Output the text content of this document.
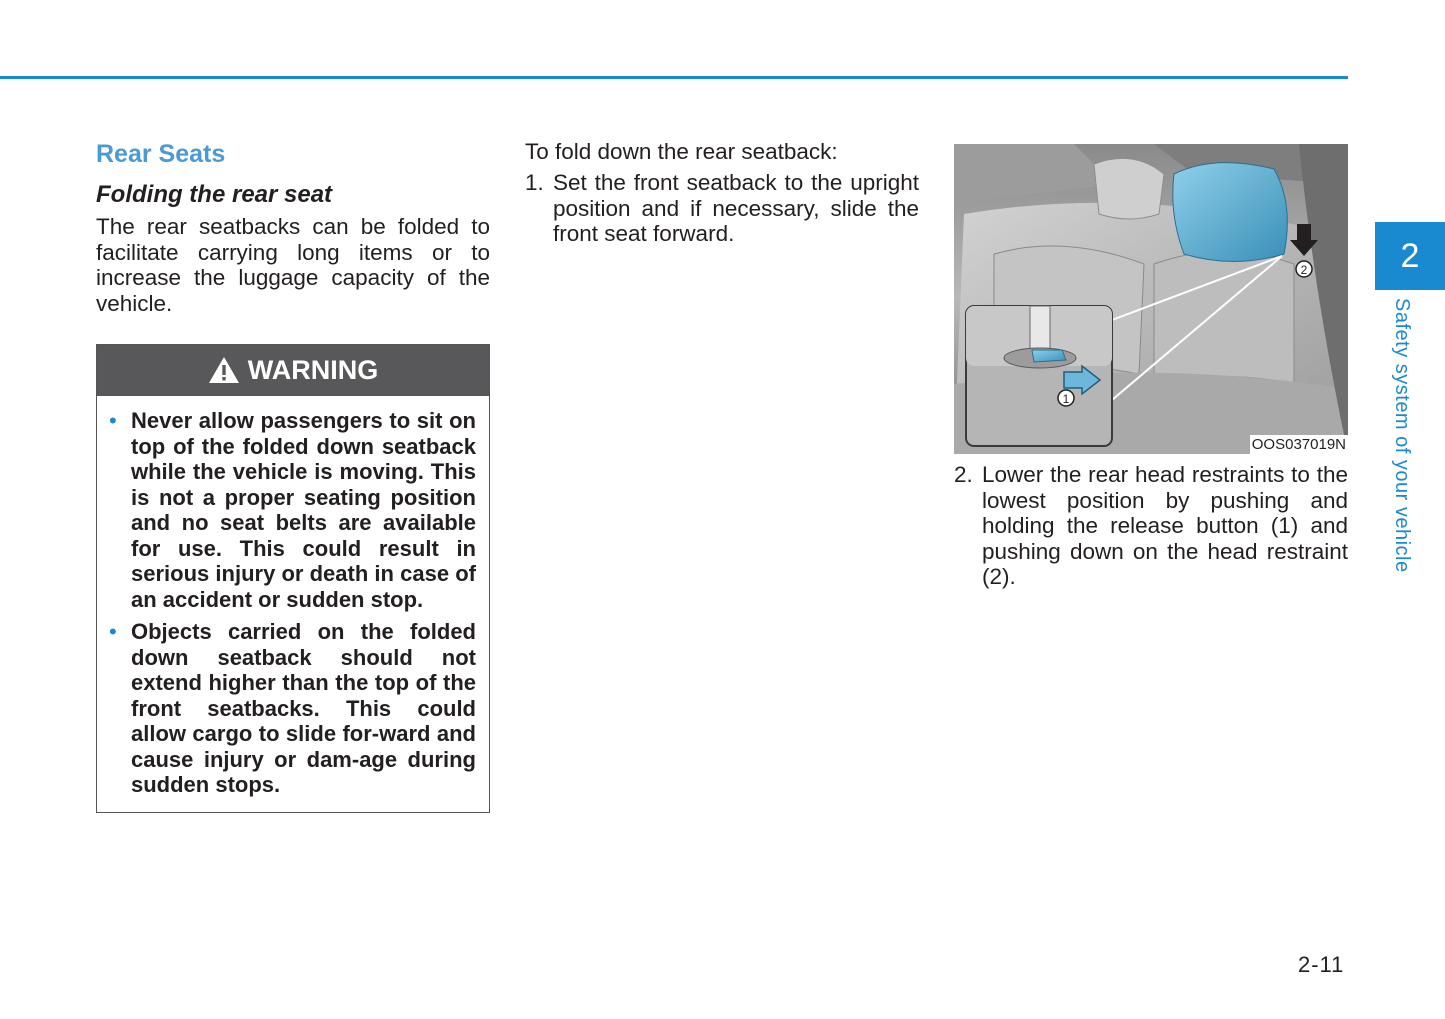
2
Safety system of your vehicle
Rear Seats
Folding the rear seat

The rear seatbacks can be folded to facilitate carrying long items or to increase the luggage capacity of the vehicle.

WARNING
• Never allow passengers to sit on top of the folded down seatback while the vehicle is moving. This is not a proper seating position and no seat belts are available for use. This could result in serious injury or death in case of an accident or sudden stop.
• Objects carried on the folded down seatback should not extend higher than the top of the front seatbacks. This could allow cargo to slide for-ward and cause injury or dam-age during sudden stops.

To fold down the rear seatback:

1. Set the front seatback to the upright position and if necessary, slide the front seat forward.
2
1
OOS037019N
2. Lower the rear head restraints to the lowest position by pushing and holding the release button (1) and pushing down on the head restraint (2).
2-11
